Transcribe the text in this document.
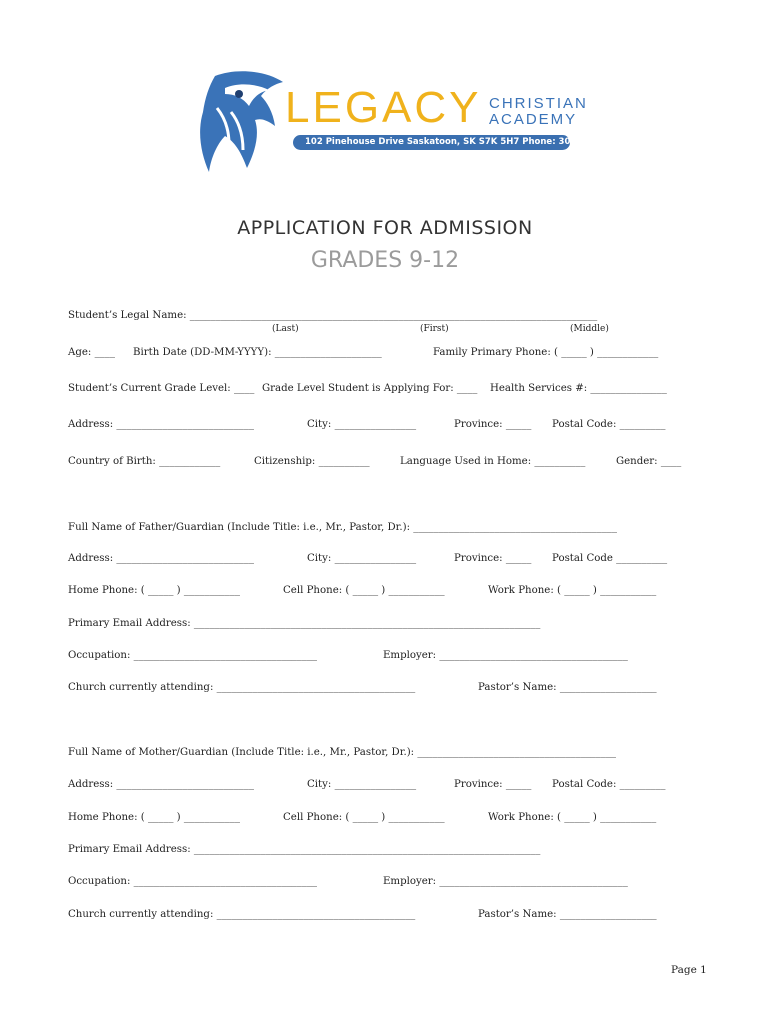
LEGACY CHRISTIAN
ACADEMY
102 Pinehouse Drive Saskatoon, SK S7K 5H7 Phone: 306.242.5086
APPLICATION FOR ADMISSION
GRADES 9-12
Student’s Legal Name: ________________________________________________________________________________
(Last)	(First)	(Middle)
Age: ____ Birth Date (DD-MM-YYYY): _____________________	Family Primary Phone: ( _____ ) ____________
Student’s Current Grade Level: ____ Grade Level Student is Applying For: ____ Health Services #: _______________
Address: ___________________________	City: ________________	Province: _____ Postal Code: _________
Country of Birth: ____________	Citizenship: __________	Language Used in Home: __________	Gender: ____
Full Name of Father/Guardian (Include Title: i.e., Mr., Pastor, Dr.): ________________________________________
Address: ___________________________	City: ________________	Province: _____ Postal Code __________
Home Phone: ( _____ ) ___________	Cell Phone: ( _____ ) ___________	Work Phone: ( _____ ) ___________
Primary Email Address: ____________________________________________________________________
Occupation: ____________________________________	Employer: _____________________________________
Church currently attending: _______________________________________	Pastor’s Name: ___________________
Full Name of Mother/Guardian (Include Title: i.e., Mr., Pastor, Dr.): _______________________________________
Address: ___________________________	City: ________________	Province: _____ Postal Code: _________
Home Phone: ( _____ ) ___________	Cell Phone: ( _____ ) ___________	Work Phone: ( _____ ) ___________
Primary Email Address: ____________________________________________________________________
Occupation: ____________________________________	Employer: _____________________________________
Church currently attending: _______________________________________	Pastor’s Name: ___________________
Page 1
